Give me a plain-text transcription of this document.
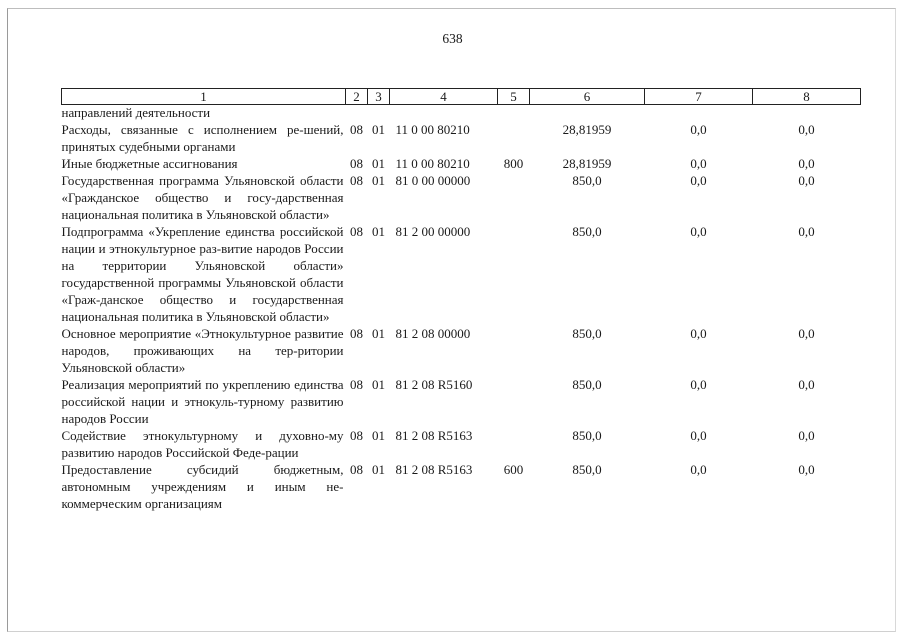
638
1	2	3	4	5	6	7	8
направлений деятельности							
Расходы, связанные с исполнением ре-шений, принятых судебными органами	08	01	11 0 00 80210		28,81959	0,0	0,0
Иные бюджетные ассигнования	08	01	11 0 00 80210	800	28,81959	0,0	0,0
Государственная программа Ульяновской области «Гражданское общество и госу-дарственная национальная политика в Ульяновской области»	08	01	81 0 00 00000		850,0	0,0	0,0
Подпрограмма «Укрепление единства российской нации и этнокультурное раз-витие народов России на территории Ульяновской области» государственной программы Ульяновской области «Граж-данское общество и государственная национальная политика в Ульяновской области»	08	01	81 2 00 00000		850,0	0,0	0,0
Основное мероприятие «Этнокультурное развитие народов, проживающих на тер-ритории Ульяновской области»	08	01	81 2 08 00000		850,0	0,0	0,0
Реализация мероприятий по укреплению единства российской нации и этнокуль-турному развитию народов России	08	01	81 2 08 R5160		850,0	0,0	0,0
Содействие этнокультурному и духовно-му развитию народов Российской Феде-рации	08	01	81 2 08 R5163		850,0	0,0	0,0
Предоставление субсидий бюджетным, автономным учреждениям и иным не-коммерческим организациям	08	01	81 2 08 R5163	600	850,0	0,0	0,0
